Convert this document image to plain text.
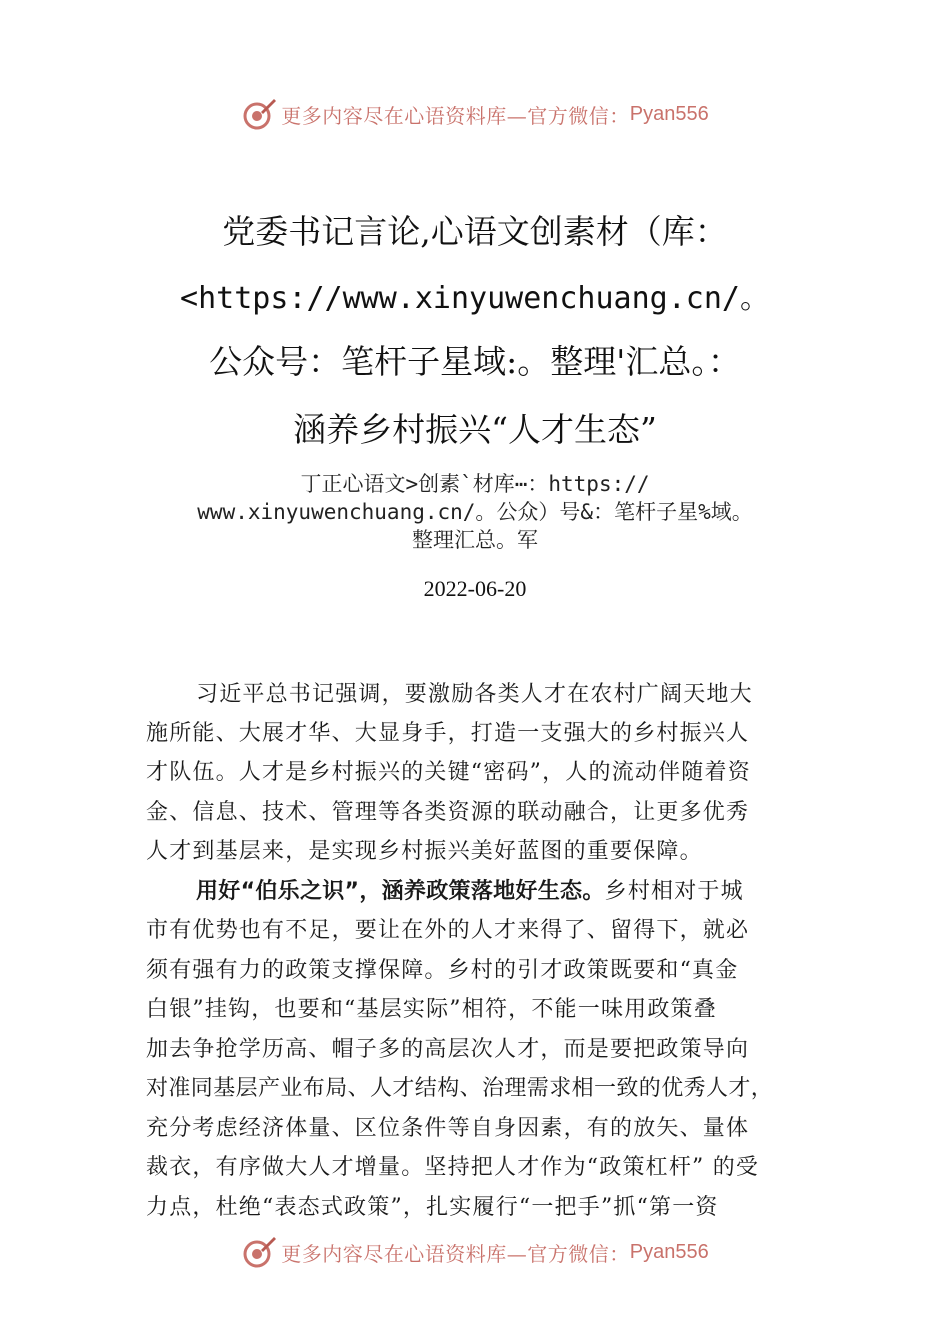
更多内容尽在心语资料库—官方微信： Pyan556
党委书记言论,心语文创素材（库：
<https://www.xinyuwenchuang.cn/。
公众号：笔杆子星域:。整理'汇总。：
涵养乡村振兴“人才生态”
丁正心语文>创素`材库⋯：https://
www.xinyuwenchuang.cn/。公众）号&：笔杆子星%域。
整理汇总。军
2022-06-20
习近平总书记强调，要激励各类人才在农村广阔天地大
施所能、大展才华、大显身手，打造一支强大的乡村振兴人
才队伍。人才是乡村振兴的关键“密码”，人的流动伴随着资
金、信息、技术、管理等各类资源的联动融合，让更多优秀
人才到基层来，是实现乡村振兴美好蓝图的重要保障。
用好“伯乐之识”，涵养政策落地好生态。乡村相对于城
市有优势也有不足，要让在外的人才来得了、留得下，就必
须有强有力的政策支撑保障。乡村的引才政策既要和“真金
白银”挂钩，也要和“基层实际”相符，不能一味用政策叠
加去争抢学历高、帽子多的高层次人才，而是要把政策导向
对准同基层产业布局、人才结构、治理需求相一致的优秀人才，
充分考虑经济体量、区位条件等自身因素，有的放矢、量体
裁衣，有序做大人才增量。坚持把人才作为“政策杠杆” 的受
力点，杜绝“表态式政策”，扎实履行“一把手”抓“第一资
更多内容尽在心语资料库—官方微信： Pyan556
